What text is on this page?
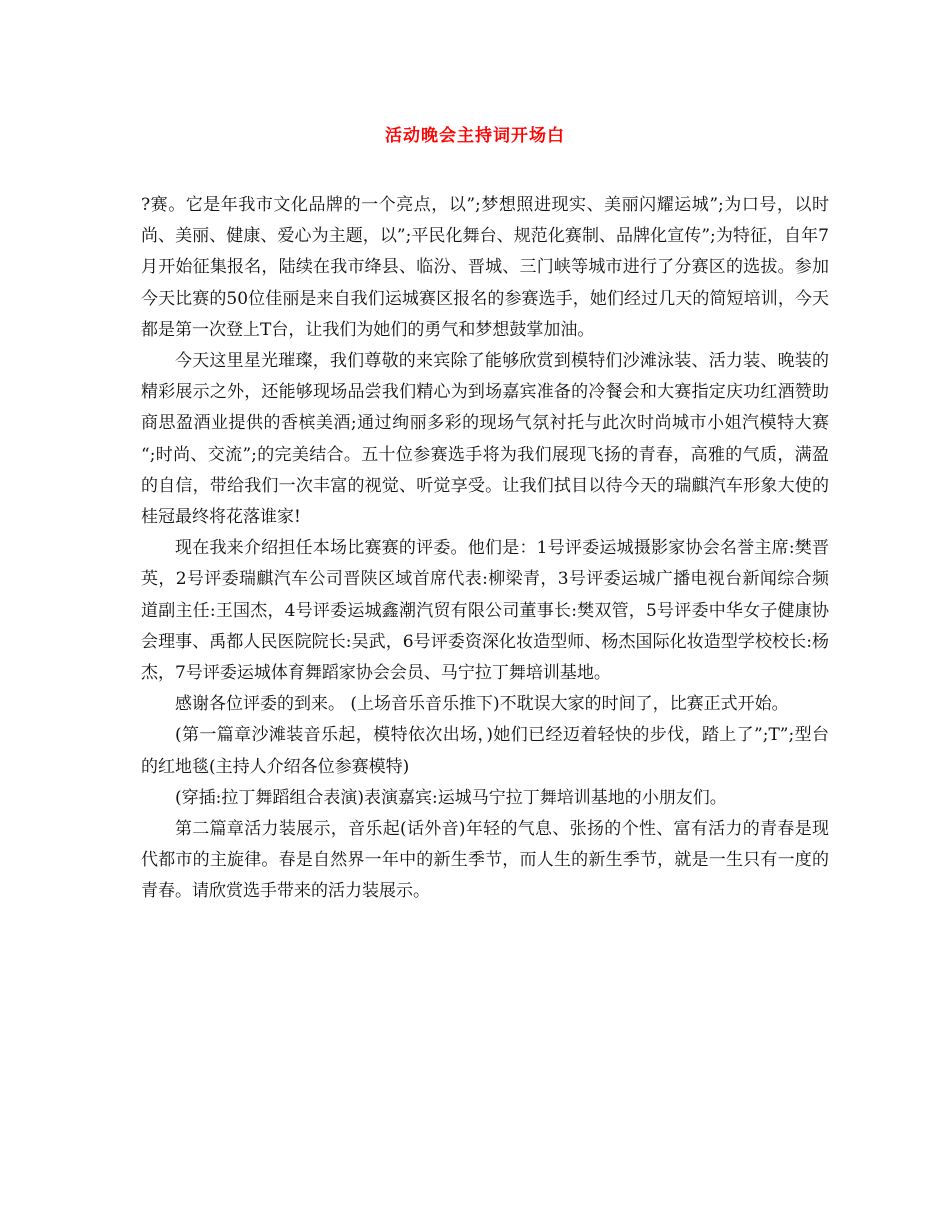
活动晚会主持词开场白

?赛。它是年我市文化品牌的一个亮点，以”;梦想照进现实、美丽闪耀运城”;为口号，以时尚、美丽、健康、爱心为主题，以”;平民化舞台、规范化赛制、品牌化宣传”;为特征，自年7月开始征集报名，陆续在我市绛县、临汾、晋城、三门峡等城市进行了分赛区的选拔。参加今天比赛的50位佳丽是来自我们运城赛区报名的参赛选手，她们经过几天的简短培训，今天都是第一次登上T台，让我们为她们的勇气和梦想鼓掌加油。

今天这里星光璀璨，我们尊敬的来宾除了能够欣赏到模特们沙滩泳装、活力装、晚装的精彩展示之外，还能够现场品尝我们精心为到场嘉宾准备的冷餐会和大赛指定庆功红酒赞助商思盈酒业提供的香槟美酒;通过绚丽多彩的现场气氛衬托与此次时尚城市小姐汽模特大赛 “;时尚、交流”;的完美结合。五十位参赛选手将为我们展现飞扬的青春，高雅的气质，满盈的自信，带给我们一次丰富的视觉、听觉享受。让我们拭目以待今天的瑞麒汽车形象大使的桂冠最终将花落谁家!

现在我来介绍担任本场比赛赛的评委。他们是：1号评委运城摄影家协会名誉主席:樊晋英，2号评委瑞麒汽车公司晋陕区域首席代表:柳梁青，3号评委运城广播电视台新闻综合频道副主任:王国杰，4号评委运城鑫潮汽贸有限公司董事长:樊双管，5号评委中华女子健康协会理事、禹都人民医院院长:吴武，6号评委资深化妆造型师、杨杰国际化妆造型学校校长:杨杰，7号评委运城体育舞蹈家协会会员、马宁拉丁舞培训基地。

感谢各位评委的到来。 (上场音乐音乐推下)不耽误大家的时间了，比赛正式开始。

(第一篇章沙滩装音乐起，模特依次出场，)她们已经迈着轻快的步伐，踏上了”;T”;型台的红地毯(主持人介绍各位参赛模特)

(穿插:拉丁舞蹈组合表演)表演嘉宾:运城马宁拉丁舞培训基地的小朋友们。

第二篇章活力装展示，音乐起(话外音)年轻的气息、张扬的个性、富有活力的青春是现代都市的主旋律。春是自然界一年中的新生季节，而人生的新生季节，就是一生只有一度的青春。请欣赏选手带来的活力装展示。
